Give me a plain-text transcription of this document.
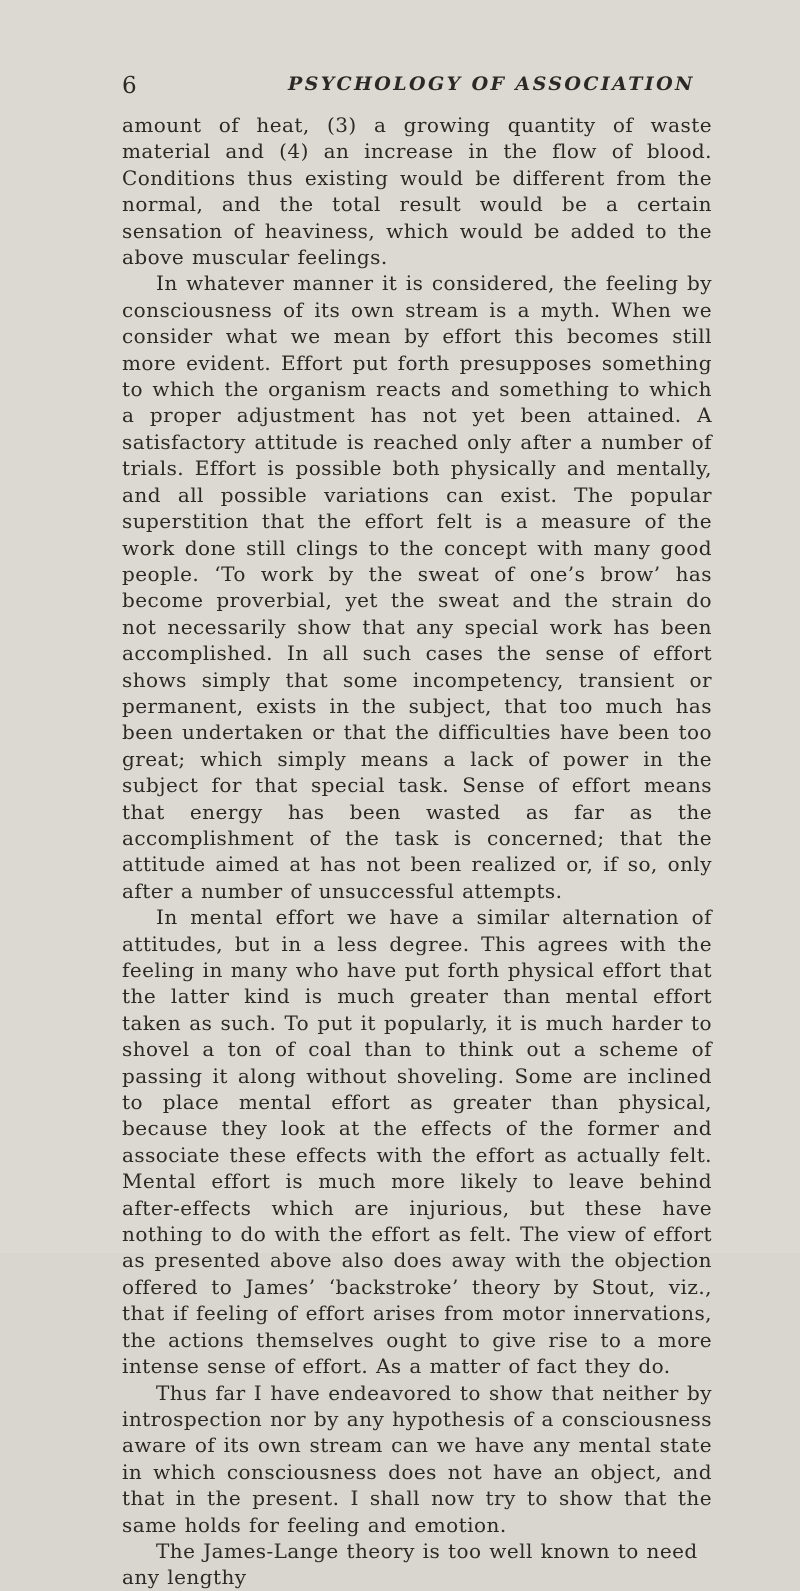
6	PSYCHOLOGY OF ASSOCIATION

amount of heat, (3) a growing quantity of waste material and (4) an increase in the flow of blood. Conditions thus existing would be different from the normal, and the total result would be a certain sensation of heaviness, which would be added to the above muscular feelings.

In whatever manner it is considered, the feeling by consciousness of its own stream is a myth. When we consider what we mean by effort this becomes still more evident. Effort put forth presupposes something to which the organism reacts and something to which a proper adjustment has not yet been attained. A satisfactory attitude is reached only after a number of trials. Effort is possible both physically and mentally, and all possible variations can exist. The popular superstition that the effort felt is a measure of the work done still clings to the concept with many good people. ‘To work by the sweat of one’s brow’ has become proverbial, yet the sweat and the strain do not necessarily show that any special work has been accomplished. In all such cases the sense of effort shows simply that some incompetency, transient or permanent, exists in the subject, that too much has been undertaken or that the difficulties have been too great; which simply means a lack of power in the subject for that special task. Sense of effort means that energy has been wasted as far as the accomplishment of the task is concerned; that the attitude aimed at has not been realized or, if so, only after a number of unsuccessful attempts.

In mental effort we have a similar alternation of attitudes, but in a less degree. This agrees with the feeling in many who have put forth physical effort that the latter kind is much greater than mental effort taken as such. To put it popularly, it is much harder to shovel a ton of coal than to think out a scheme of passing it along without shoveling. Some are inclined to place mental effort as greater than physical, because they look at the effects of the former and associate these effects with the effort as actually felt. Mental effort is much more likely to leave behind after-effects which are injurious, but these have nothing to do with the effort as felt. The view of effort as presented above also does away with the objection offered to James’ ‘backstroke’ theory by Stout, viz., that if feeling of effort arises from motor innervations, the actions themselves ought to give rise to a more intense sense of effort. As a matter of fact they do.

Thus far I have endeavored to show that neither by introspection nor by any hypothesis of a consciousness aware of its own stream can we have any mental state in which consciousness does not have an object, and that in the present. I shall now try to show that the same holds for feeling and emotion.

The James-Lange theory is too well known to need any lengthy
